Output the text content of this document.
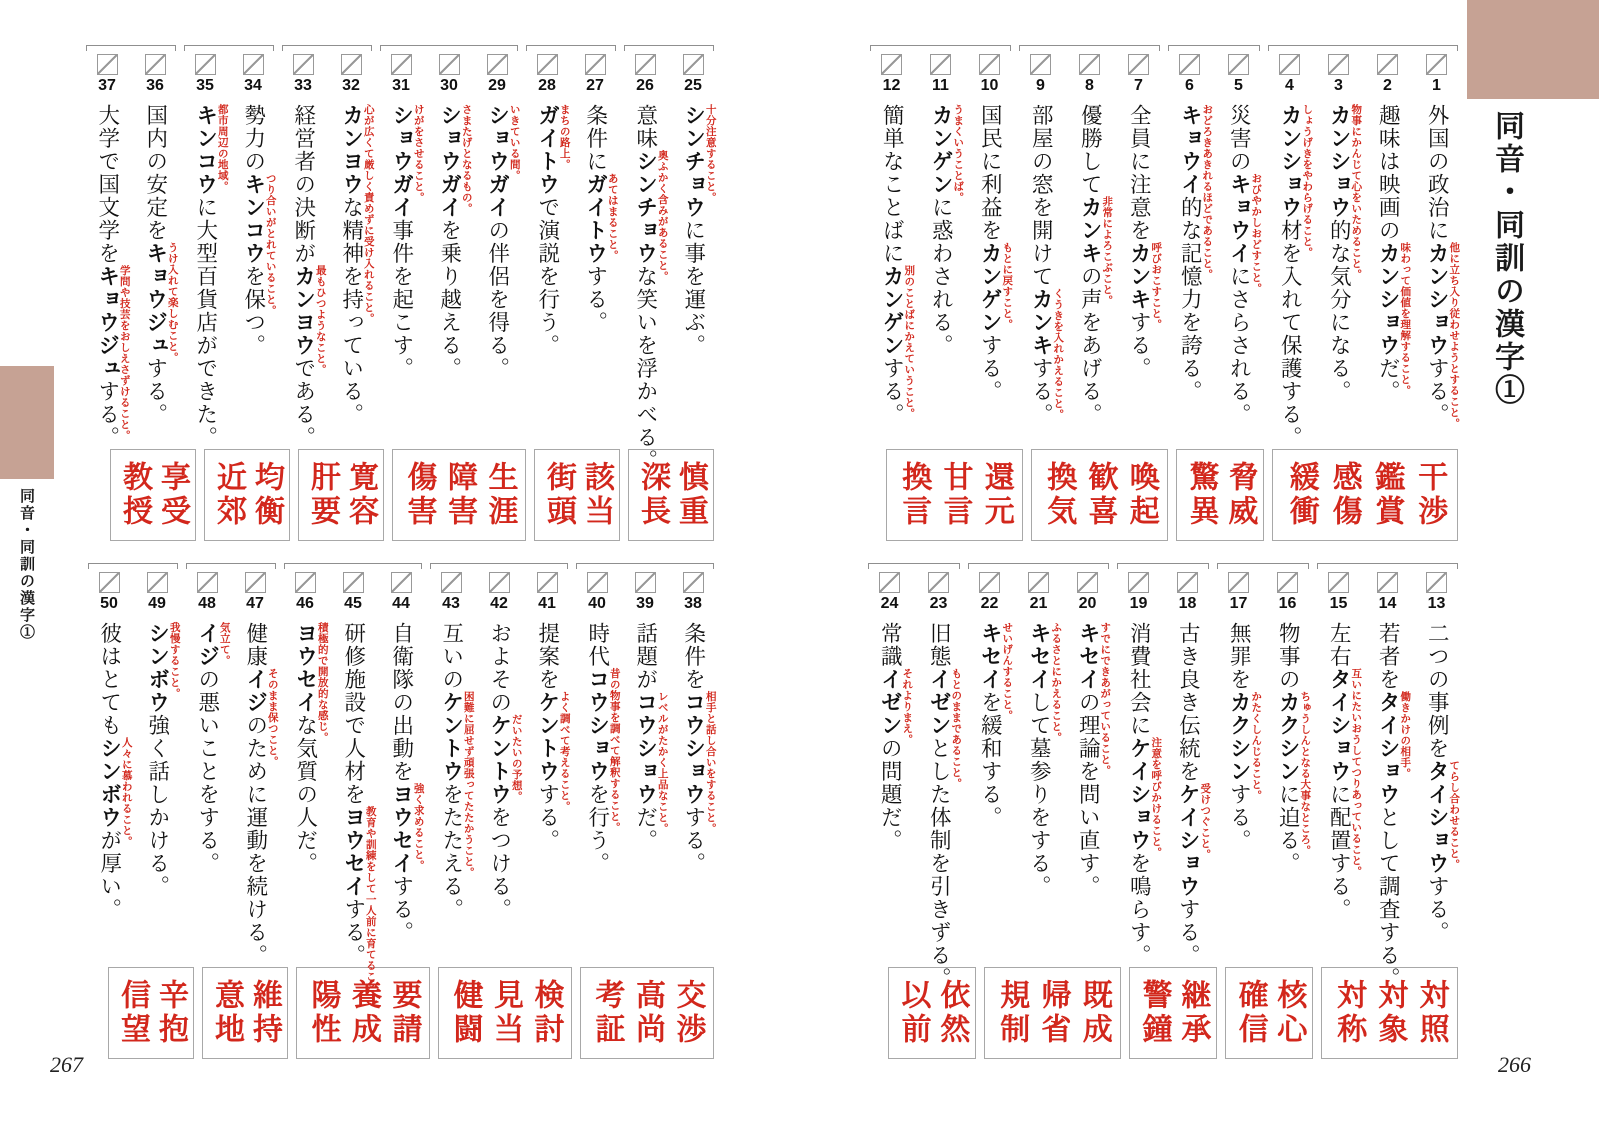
同音・同訓の漢字①
同音・同訓の漢字①
1
外国の政治にカンショウ 他に立ち入り従わせようとすること。
する。
2
趣味は映画のカンショウ 味わって価値を理解すること。
だ。
3
カンショウ 物事にかんじて心をいためること。
的な気分になる。
4
カンショウ しょうげきをやわらげること。
材を入れて保護する。
5
災害のキョウイ おびやかしおどすこと。
にさらされる。
6
キョウイ おどろきあきれるほどであること。
的な記憶力を誇る。
7
全員に注意をカンキ 呼びおこすこと。
する。
8
優勝してカンキ 非常によろこぶこと。
の声をあげる。
9
部屋の窓を開けてカンキ くうきを入れかえること。
する。
10
国民に利益をカンゲン もとに戻すこと。
する。
11
カンゲン うまくいうことば。
に惑わされる。
12
簡単なことばにカンゲン 別のことばにかえていうこと。
する。
干渉
鑑賞
感傷
緩衝
脅威
驚異
喚起
歓喜
換気
還元
甘言
換言
13
二つの事例をタイショウ てらし合わせること。
する。
14
若者をタイショウ 働きかけの相手。
として調査する。
15
左右タイショウ 互いにたいおうしてつりあっていること。
に配置する。
16
物事のカクシン ちゅうしんとなる大事なところ。
に迫る。
17
無罪をカクシン かたくしんじること。
する。
18
古き良き伝統をケイショウ 受けつぐこと。
する。
19
消費社会にケイショウ 注意を呼びかけること。
を鳴らす。
20
キセイ すでにできあがっていること。
の理論を問い直す。
21
キセイ ふるさとにかえること。
して墓参りをする。
22
キセイ せいげんすること。
を緩和する。
23
旧態イゼン もとのままであること。
とした体制を引きずる。
24
常識イゼン それよりまえ。
の問題だ。
対照
対象
対称
核心
確信
継承
警鐘
既成
帰省
規制
依然
以前
25
シンチョウ 十分注意すること。
に事を運ぶ。
26
意味シンチョウ 奥ふかく含みがあること。
な笑いを浮かべる。
27
条件にガイトウ あてはまること。
する。
28
ガイトウ まちの路上。
で演説を行う。
29
ショウガイ いきている間。
の伴侶を得る。
30
ショウガイ さまたげとなるもの。
を乗り越える。
31
ショウガイ けがをさせること。
事件を起こす。
32
カンヨウ 心が広くて厳しく責めずに受け入れること。
な精神を持っている。
33
経営者の決断がカンヨウ 最もひつようなこと。
である。
34
勢力のキンコウ つり合いがとれていること。
を保つ。
35
キンコウ 都市周辺の地域。
に大型百貨店ができた。
36
国内の安定をキョウジュ うけ入れて楽しむこと。
する。
37
大学で国文学をキョウジュ 学問や技芸をおしえさずけること。
する。
慎重
深長
該当
街頭
生涯
障害
傷害
寛容
肝要
均衡
近郊
享受
教授
38
条件をコウショウ 相手と話し合いをすること。
する。
39
話題がコウショウ レベルがたかく上品なこと。
だ。
40
時代コウショウ 昔の物事を調べて解釈すること。
を行う。
41
提案をケントウ よく調べて考えること。
する。
42
およそのケントウ だいたいの予想。
をつける。
43
互いのケントウ 困難に屈せず頑張ってたたかうこと。
をたたえる。
44
自衛隊の出動をヨウセイ 強く求めること。
する。
45
研修施設で人材をヨウセイ 教育や訓練をして一人前に育てること。
する。
46
ヨウセイ 積極的で開放的な感じ。
な気質の人だ。
47
健康イジ そのまま保つこと。
のために運動を続ける。
48
イジ 気立て。
の悪いことをする。
49
シンボウ 我慢すること。
強く話しかける。
50
彼はとてもシンボウ 人々に慕われること。
が厚い。
交渉
高尚
考証
検討
見当
健闘
要請
養成
陽性
維持
意地
辛抱
信望
267	266
